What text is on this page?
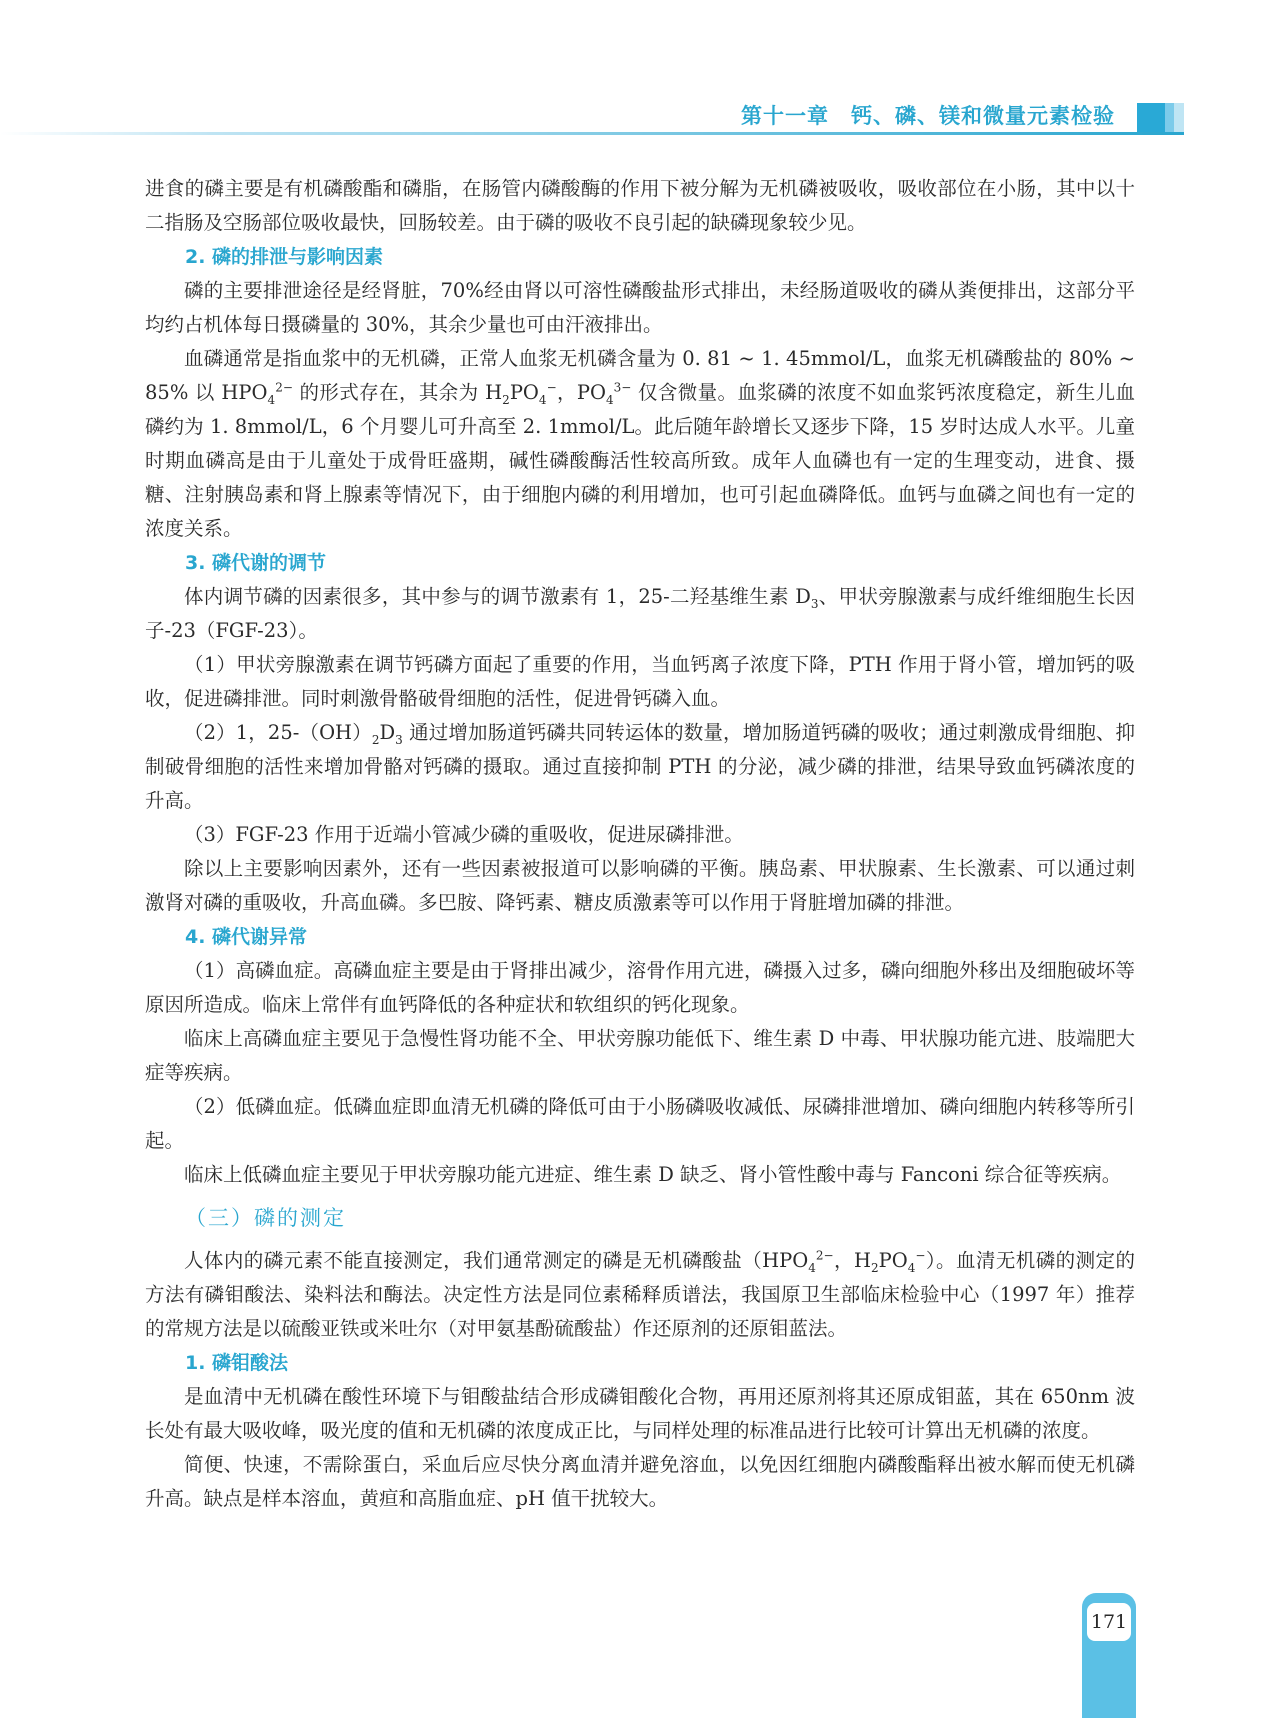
第十一章　钙、磷、镁和微量元素检验

进食的磷主要是有机磷酸酯和磷脂，在肠管内磷酸酶的作用下被分解为无机磷被吸收，吸收部位在小肠，其中以十二指肠及空肠部位吸收最快，回肠较差。由于磷的吸收不良引起的缺磷现象较少见。

2. 磷的排泄与影响因素

磷的主要排泄途径是经肾脏，70%经由肾以可溶性磷酸盐形式排出，未经肠道吸收的磷从粪便排出，这部分平均约占机体每日摄磷量的 30%，其余少量也可由汗液排出。

血磷通常是指血浆中的无机磷，正常人血浆无机磷含量为 0. 81 ~ 1. 45mmol/L，血浆无机磷酸盐的 80% ~ 85% 以 $HPO_4^{2-}$ 的形式存在，其余为 $H_2PO_4^-$，$PO_4^{3-}$ 仅含微量。血浆磷的浓度不如血浆钙浓度稳定，新生儿血磷约为 1. 8mmol/L，6 个月婴儿可升高至 2. 1mmol/L。此后随年龄增长又逐步下降，15 岁时达成人水平。儿童时期血磷高是由于儿童处于成骨旺盛期，碱性磷酸酶活性较高所致。成年人血磷也有一定的生理变动，进食、摄糖、注射胰岛素和肾上腺素等情况下，由于细胞内磷的利用增加，也可引起血磷降低。血钙与血磷之间也有一定的浓度关系。

3. 磷代谢的调节

体内调节磷的因素很多，其中参与的调节激素有 1，25-二羟基维生素 $D_3$、甲状旁腺激素与成纤维细胞生长因子-23（FGF-23）。

（1）甲状旁腺激素在调节钙磷方面起了重要的作用，当血钙离子浓度下降，PTH 作用于肾小管，增加钙的吸收，促进磷排泄。同时刺激骨骼破骨细胞的活性，促进骨钙磷入血。

（2）1，$25-(OH)_2D_3$ 通过增加肠道钙磷共同转运体的数量，增加肠道钙磷的吸收；通过刺激成骨细胞、抑制破骨细胞的活性来增加骨骼对钙磷的摄取。通过直接抑制 PTH 的分泌，减少磷的排泄，结果导致血钙磷浓度的升高。

（3）FGF-23 作用于近端小管减少磷的重吸收，促进尿磷排泄。

除以上主要影响因素外，还有一些因素被报道可以影响磷的平衡。胰岛素、甲状腺素、生长激素、可以通过刺激肾对磷的重吸收，升高血磷。多巴胺、降钙素、糖皮质激素等可以作用于肾脏增加磷的排泄。

4. 磷代谢异常

（1）高磷血症。高磷血症主要是由于肾排出减少，溶骨作用亢进，磷摄入过多，磷向细胞外移出及细胞破坏等原因所造成。临床上常伴有血钙降低的各种症状和软组织的钙化现象。

临床上高磷血症主要见于急慢性肾功能不全、甲状旁腺功能低下、维生素 D 中毒、甲状腺功能亢进、肢端肥大症等疾病。

（2）低磷血症。低磷血症即血清无机磷的降低可由于小肠磷吸收减低、尿磷排泄增加、磷向细胞内转移等所引起。

临床上低磷血症主要见于甲状旁腺功能亢进症、维生素 D 缺乏、肾小管性酸中毒与 Fanconi 综合征等疾病。

（三）磷的测定

人体内的磷元素不能直接测定，我们通常测定的磷是无机磷酸盐（$HPO_4^{2-}$，$H_2PO_4^-$）。血清无机磷的测定的方法有磷钼酸法、染料法和酶法。决定性方法是同位素稀释质谱法，我国原卫生部临床检验中心（1997 年）推荐的常规方法是以硫酸亚铁或米吐尔（对甲氨基酚硫酸盐）作还原剂的还原钼蓝法。

1. 磷钼酸法

是血清中无机磷在酸性环境下与钼酸盐结合形成磷钼酸化合物，再用还原剂将其还原成钼蓝，其在 650nm 波长处有最大吸收峰，吸光度的值和无机磷的浓度成正比，与同样处理的标准品进行比较可计算出无机磷的浓度。

简便、快速，不需除蛋白，采血后应尽快分离血清并避免溶血，以免因红细胞内磷酸酯释出被水解而使无机磷升高。缺点是样本溶血，黄疸和高脂血症、pH 值干扰较大。

171
